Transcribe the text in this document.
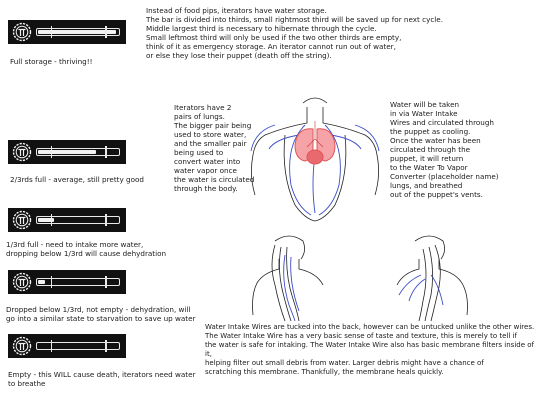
Instead of food pips, iterators have water storage.
The bar is divided into thirds, small rightmost third will be saved up for next cycle.
Middle largest third is necessary to hibernate through the cycle.
Small leftmost third will only be used if the two other thirds are empty,
think of it as emergency storage. An iterator cannot run out of water,
or else they lose their puppet (death off the string).
Full storage - thriving!!
2/3rds full - average, still pretty good
1/3rd full - need to intake more water,
dropping below 1/3rd will cause dehydration
Dropped below 1/3rd, not empty - dehydration, will
go into a similar state to starvation to save up water
Empty - this WILL cause death, iterators need water
to breathe
Iterators have 2
pairs of lungs.
The bigger pair being
used to store water,
and the smaller pair
being used to
convert water into
water vapor once
the water is circulated
through the body.
Water will be taken
in via Water Intake
Wires and circulated through
the puppet as cooling.
Once the water has been
circulated through the
puppet, it will return
to the Water To Vapor
Converter (placeholder name)
lungs, and breathed
out of the puppet's vents.
Water Intake Wires are tucked into the back, however can be untucked unlike the other wires.
The Water Intake Wire has a very basic sense of taste and texture, this is merely to tell if
the water is safe for intaking. The Water Intake Wire also has basic membrane filters inside of it,
helping filter out small debris from water. Larger debris might have a chance of
scratching this membrane. Thankfully, the membrane heals quickly.
